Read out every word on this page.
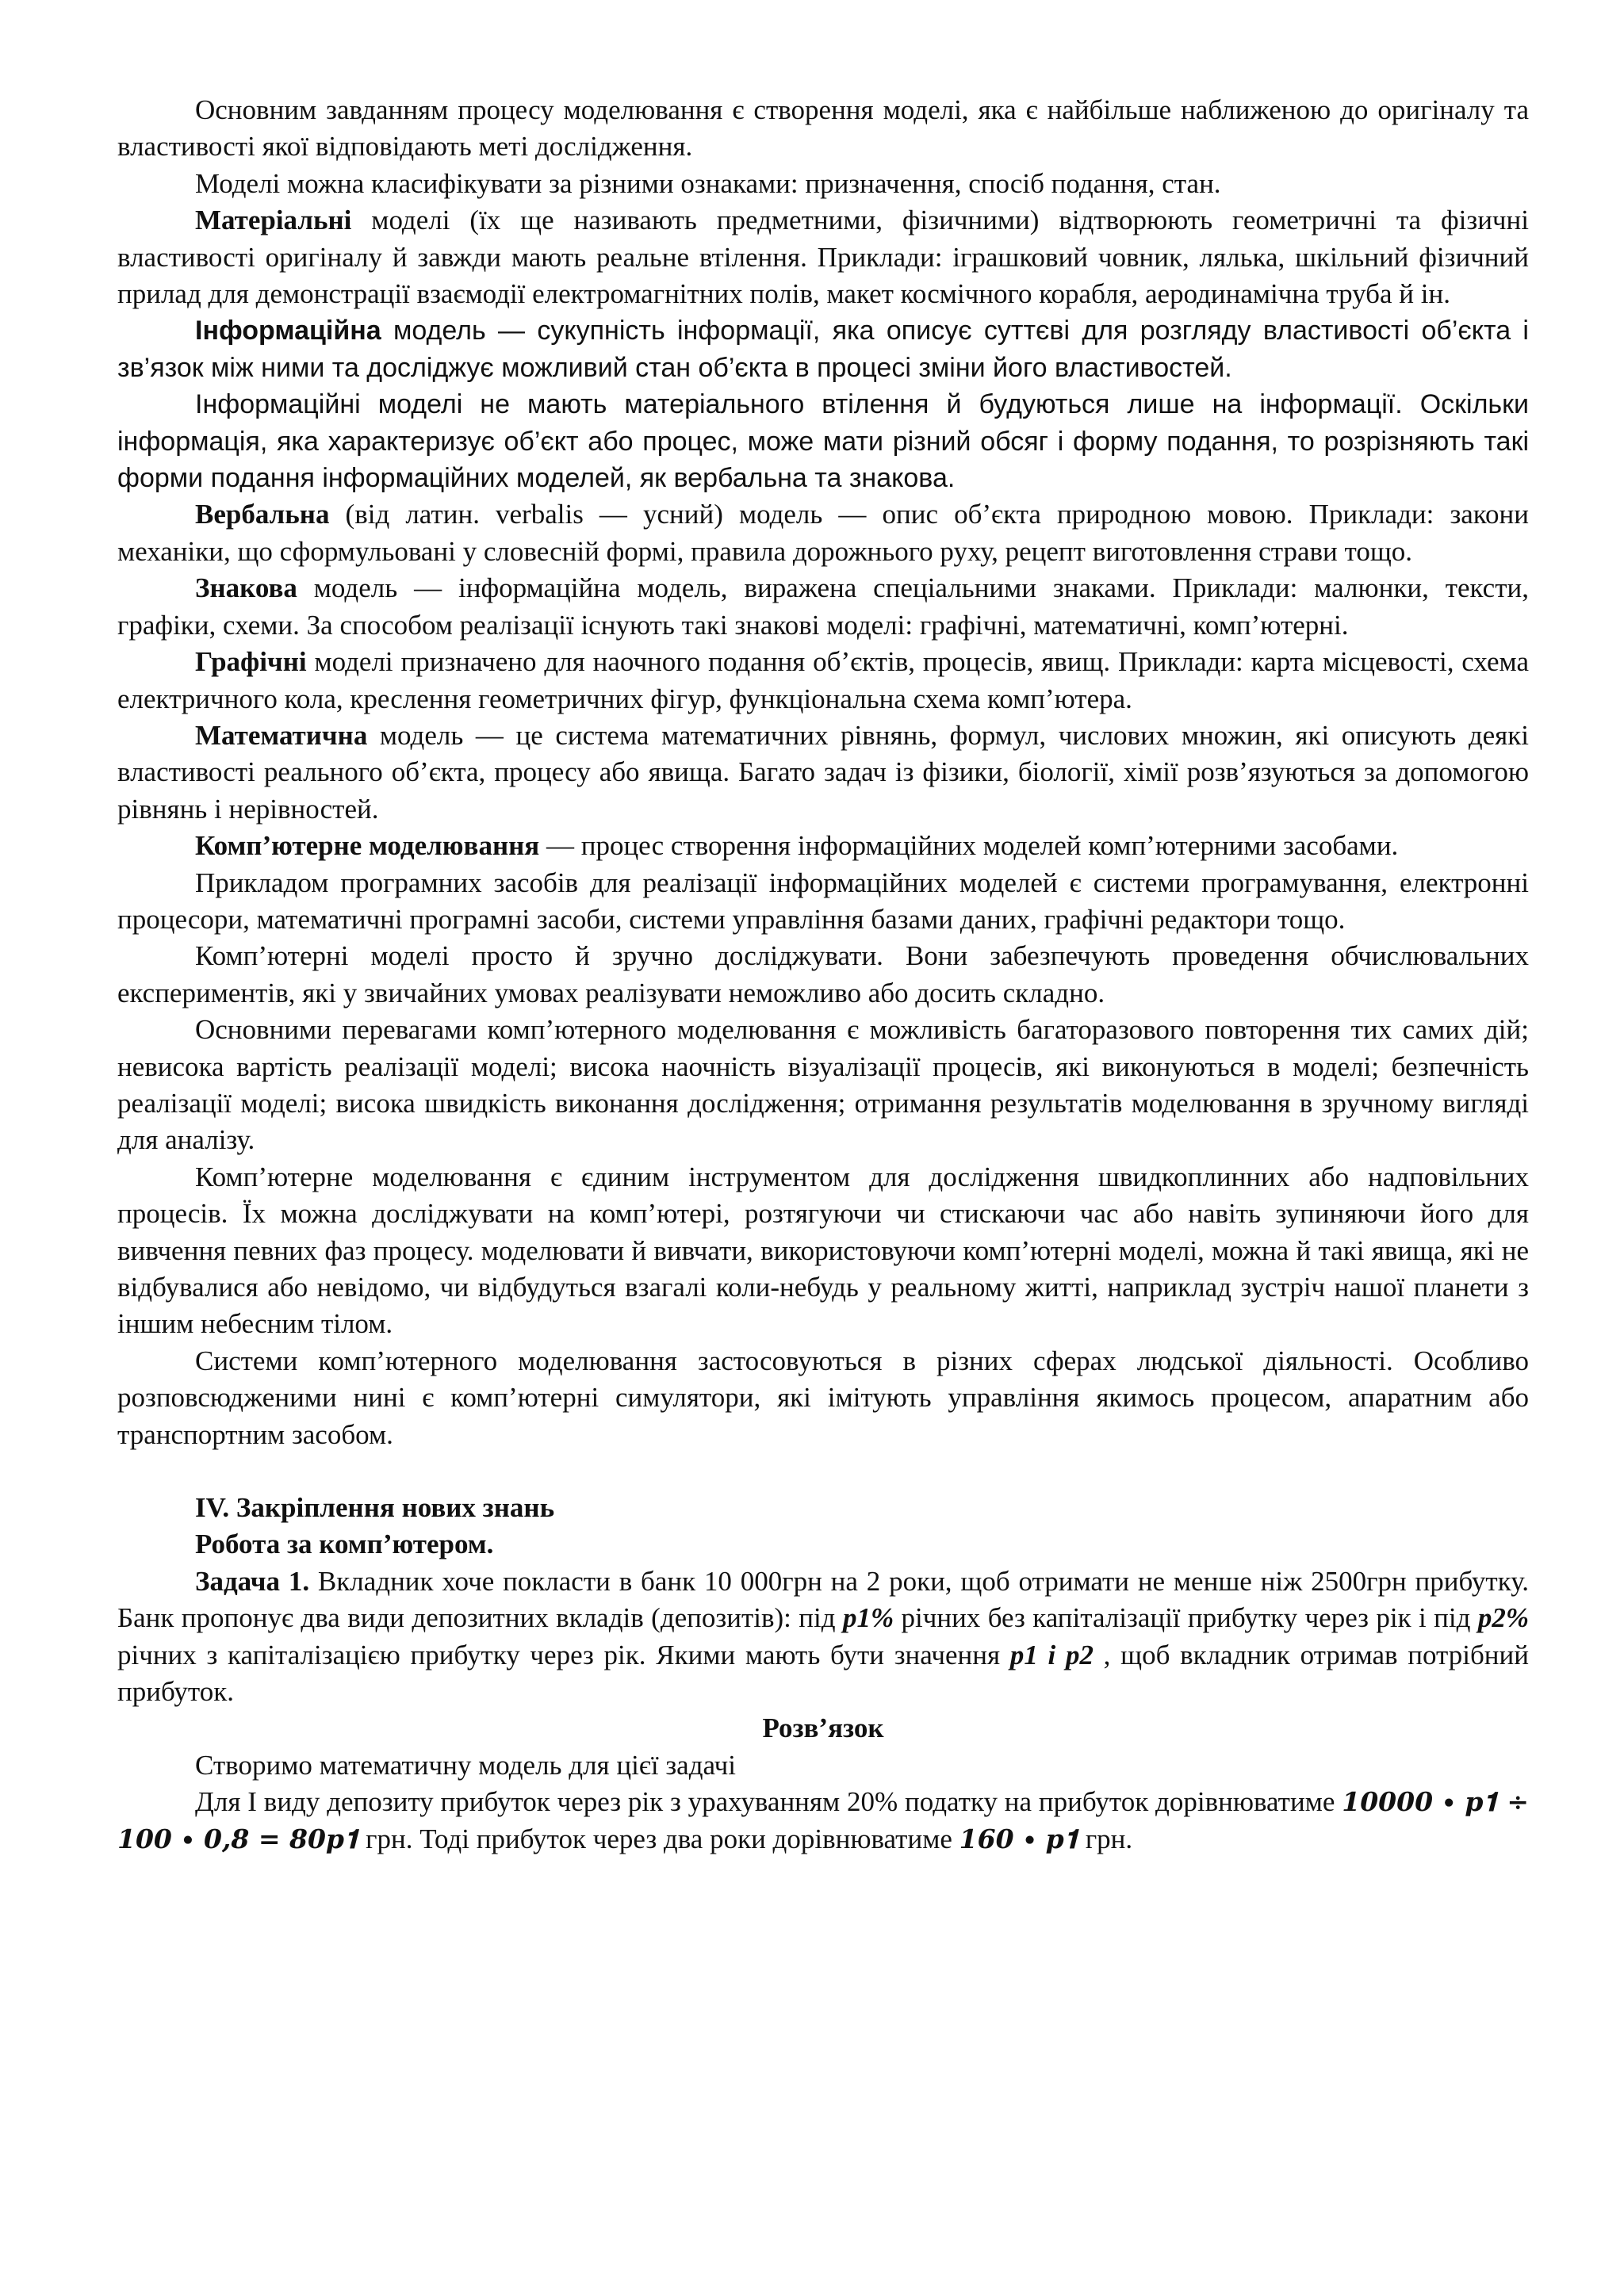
Основним завданням процесу моделювання є створення моделі, яка є найбільше наближеною до оригіналу та властивості якої відповідають меті дослідження.

Моделі можна класифікувати за різними ознаками: призначення, спосіб подання, стан.

Матеріальні моделі (їх ще називають предметними, фізичними) відтворюють геометричні та фізичні властивості оригіналу й завжди мають реальне втілення. Приклади: іграшковий човник, лялька, шкільний фізичний прилад для демонстрації взаємодії електромагнітних полів, макет космічного корабля, аеродинамічна труба й ін.

Інформаційна модель — сукупність інформації, яка описує суттєві для розгляду властивості об’єкта і зв’язок між ними та досліджує можливий стан об’єкта в процесі зміни його властивостей.

Інформаційні моделі не мають матеріального втілення й будуються лише на інформації. Оскільки інформація, яка характеризує об’єкт або процес, може мати різний обсяг і форму подання, то розрізняють такі форми подання інформаційних моделей, як вербальна та знакова.

Вербальна (від латин. verbalis — усний) модель — опис об’єкта природною мовою. Приклади: закони механіки, що сформульовані у словесній формі, правила дорожнього руху, рецепт виготовлення страви тощо.

Знакова модель — інформаційна модель, виражена спеціальними знаками. Приклади: малюнки, тексти, графіки, схеми. За способом реалізації існують такі знакові моделі: графічні, математичні, комп’ютерні.

Графічні моделі призначено для наочного подання об’єктів, процесів, явищ. Приклади: карта місцевості, схема електричного кола, креслення геометричних фігур, функціональна схема комп’ютера.

Математична модель — це система математичних рівнянь, формул, числових множин, які описують деякі властивості реального об’єкта, процесу або явища. Багато задач із фізики, біології, хімії розв’язуються за допомогою рівнянь і нерівностей.

Комп’ютерне моделювання — процес створення інформаційних моделей комп’ютерними засобами.

Прикладом програмних засобів для реалізації інформаційних моделей є системи програмування, електронні процесори, математичні програмні засоби, системи управління базами даних, графічні редактори тощо.

Комп’ютерні моделі просто й зручно досліджувати. Вони забезпечують проведення обчислювальних експериментів, які у звичайних умовах реалізувати неможливо або досить складно.

Основними перевагами комп’ютерного моделювання є можливість багаторазового повторення тих самих дій; невисока вартість реалізації моделі; висока наочність візуалізації процесів, які виконуються в моделі; безпечність реалізації моделі; висока швидкість виконання дослідження; отримання результатів моделювання в зручному вигляді для аналізу.

Комп’ютерне моделювання є єдиним інструментом для дослідження швидкоплинних або надповільних процесів. Їх можна досліджувати на комп’ютері, розтягуючи чи стискаючи час або навіть зупиняючи його для вивчення певних фаз процесу. моделювати й вивчати, використовуючи комп’ютерні моделі, можна й такі явища, які не відбувалися або невідомо, чи відбудуться взагалі коли-небудь у реальному житті, наприклад зустріч нашої планети з іншим небесним тілом.

Системи комп’ютерного моделювання застосовуються в різних сферах людської діяльності. Особливо розповсюдженими нині є комп’ютерні симулятори, які імітують управління якимось процесом, апаратним або транспортним засобом.

IV. Закріплення нових знань

Робота за комп’ютером.

Задача 1. Вкладник хоче покласти в банк 10 000грн на 2 роки, щоб отримати не менше ніж 2500грн прибутку. Банк пропонує два види депозитних вкладів (депозитів): під p1% річних без капіталізації прибутку через рік і під p2% річних з капіталізацією прибутку через рік. Якими мають бути значення p1 і p2 , щоб вкладник отримав потрібний прибуток.

Розв’язок

Створимо математичну модель для цієї задачі

Для І виду депозиту прибуток через рік з урахуванням 20% податку на прибуток дорівнюватиме 10000 ∙ 𝒑𝟏 ÷ 100 ∙ 0,8 = 80𝒑𝟏 грн. Тоді прибуток через два роки дорівнюватиме 160 ∙ 𝒑𝟏 грн.
